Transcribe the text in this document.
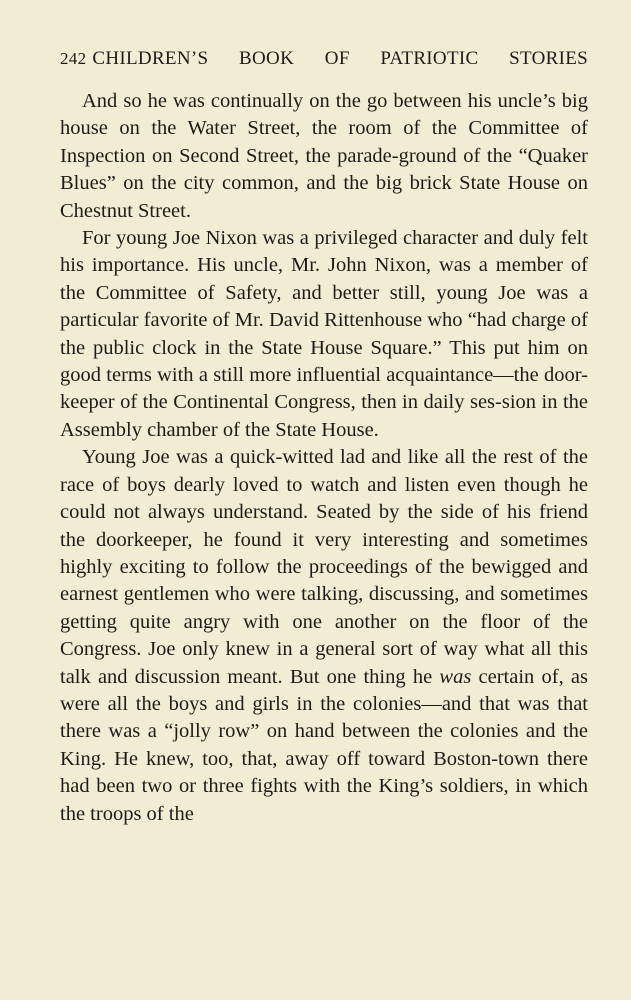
242 CHILDREN’S BOOK OF PATRIOTIC STORIES

And so he was continually on the go between his uncle’s big house on the Water Street, the room of the Committee of Inspection on Second Street, the parade-ground of the “Quaker Blues” on the city common, and the big brick State House on Chestnut Street.

For young Joe Nixon was a privileged character and duly felt his importance. His uncle, Mr. John Nixon, was a member of the Committee of Safety, and better still, young Joe was a particular favorite of Mr. David Rittenhouse who “had charge of the public clock in the State House Square.” This put him on good terms with a still more influential acquaintance—the door-keeper of the Continental Congress, then in daily ses-sion in the Assembly chamber of the State House.

Young Joe was a quick-witted lad and like all the rest of the race of boys dearly loved to watch and listen even though he could not always understand. Seated by the side of his friend the doorkeeper, he found it very interesting and sometimes highly exciting to follow the proceedings of the bewigged and earnest gentlemen who were talking, discussing, and sometimes getting quite angry with one another on the floor of the Congress. Joe only knew in a general sort of way what all this talk and discussion meant. But one thing he was certain of, as were all the boys and girls in the colonies—and that was that there was a “jolly row” on hand between the colonies and the King. He knew, too, that, away off toward Boston-town there had been two or three fights with the King’s soldiers, in which the troops of the
